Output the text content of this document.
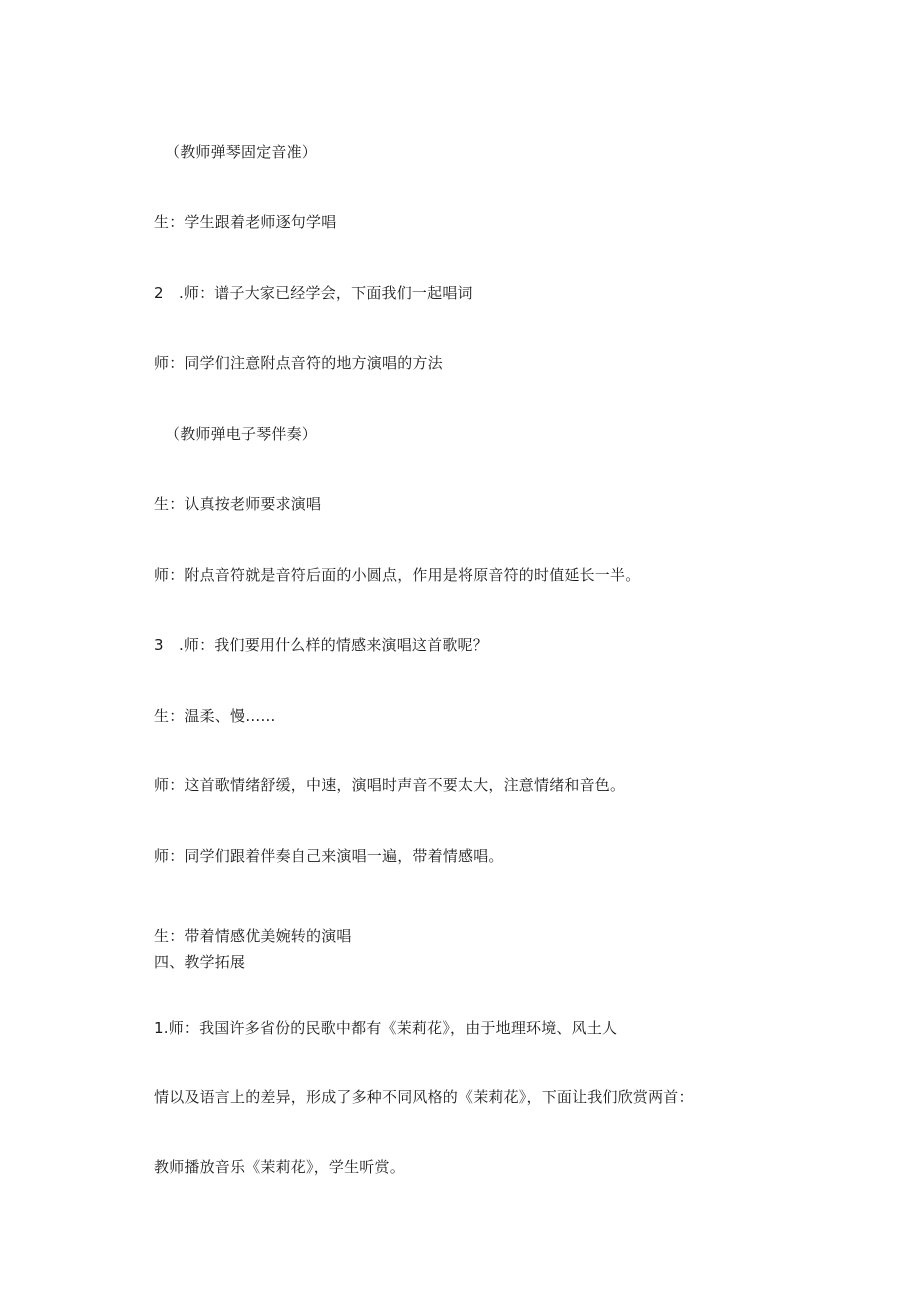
（教师弹琴固定音准）
生：学生跟着老师逐句学唱
2　.师：谱子大家已经学会，下面我们一起唱词
师：同学们注意附点音符的地方演唱的方法
（教师弹电子琴伴奏）
生：认真按老师要求演唱
师：附点音符就是音符后面的小圆点，作用是将原音符的时值延长一半。
3　.师：我们要用什么样的情感来演唱这首歌呢？
生：温柔、慢……
师：这首歌情绪舒缓，中速，演唱时声音不要太大，注意情绪和音色。
师：同学们跟着伴奏自己来演唱一遍，带着情感唱。
生：带着情感优美婉转的演唱
四、教学拓展
1.师：我国许多省份的民歌中都有《茉莉花》，由于地理环境、风土人
情以及语言上的差异，形成了多种不同风格的《茉莉花》，下面让我们欣赏两首：
教师播放音乐《茉莉花》，学生听赏。
